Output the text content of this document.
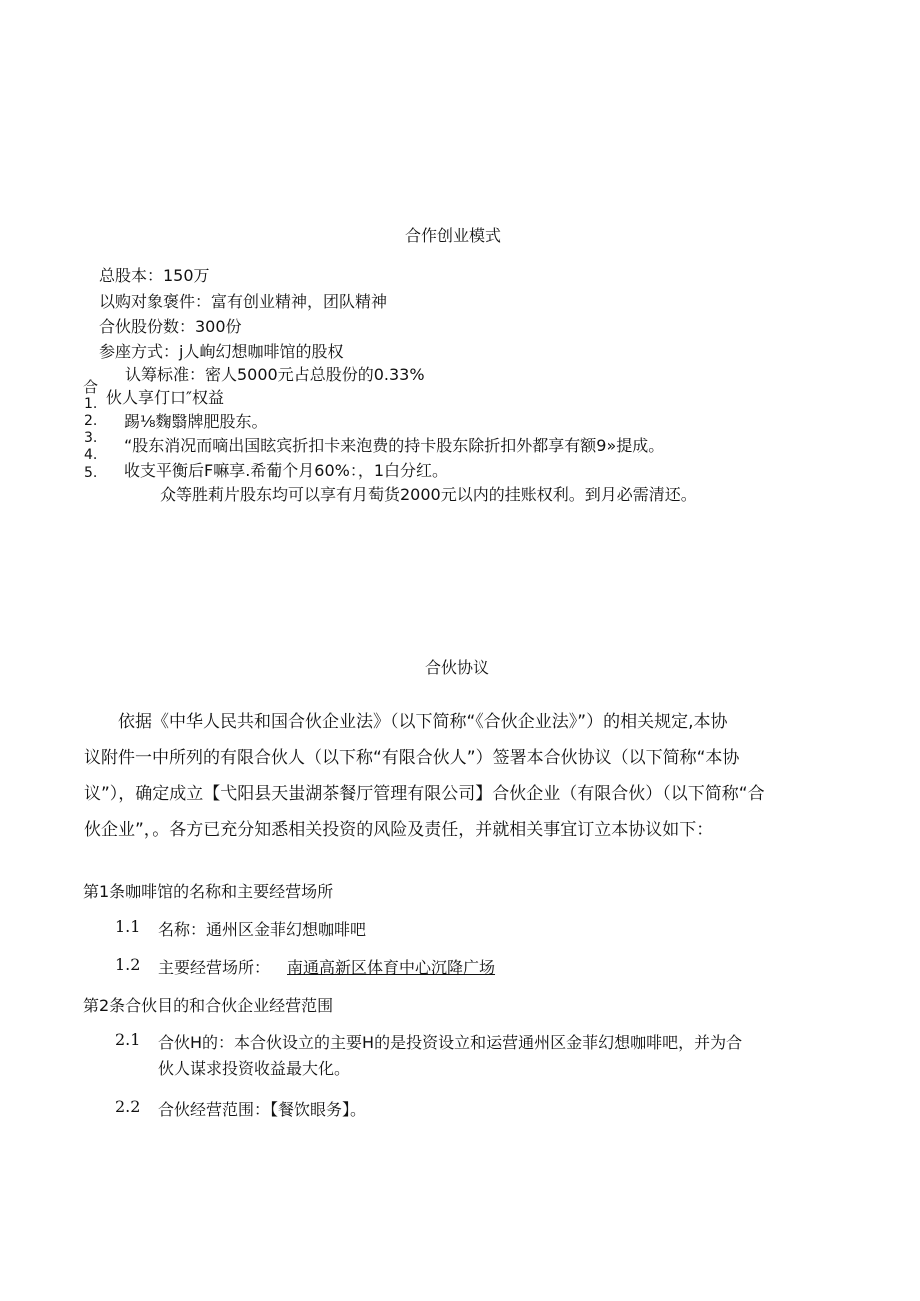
合作创业模式
总股本：150万
以购对象褒件：富有创业精神，团队精神
合伙股份数：300份
参座方式：j人峋幻想咖啡馆的股权
认筹标准：密人5000元占总股份的0.33%
合
伙人享仃口″权益
1.
2.
3.
4.
5.
踢⅛麴翳牌肥股东。
“股东消况而嘀出国眩宾折扣卡来泡费的持卡股东除折扣外都享有额9»提成。
收支平衡后F嘛享.希葡个月60%：，1白分红。
众等胜莉片股东均可以享有月萄货2000元以内的挂账权利。到月必需清还。
合伙协议
依据《中华人民共和国合伙企业法》（以下简称“《合伙企业法》”）的相关规定,本协
议附件一中所列的有限合伙人（以下称“有限合伙人”）签署本合伙协议（以下简称“本协
议”），确定成立【弋阳县天蚩湖茶餐厅管理有限公司】合伙企业（有限合伙）（以下简称“合
伙企业”，。各方已充分知悉相关投资的风险及责任，并就相关事宜订立本协议如下：
第1条咖啡馆的名称和主要经营场所
1.1 名称：通州区金菲幻想咖啡吧
1.2 主要经营场所： 南通高新区体育中心沉降广场
第2条合伙目的和合伙企业经营范围
2.1 合伙H的：本合伙设立的主要H的是投资设立和运营通州区金菲幻想咖啡吧，并为合
伙人谋求投资收益最大化。
2.2 合伙经营范围：【餐饮眼务】。
